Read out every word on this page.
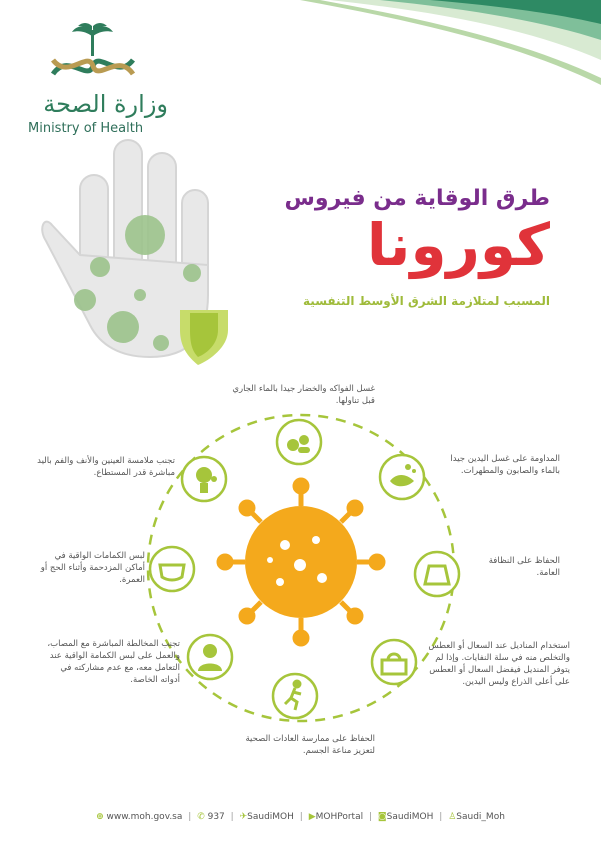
وزارة الصحة
Ministry of Health
طرق الوقاية من فيروس
كورونا
المسبب لمتلازمة الشرق الأوسط التنفسية
غسل الفواكه والخضار جيدا بالماء الجاري قبل تناولها.
المداومة على غسل اليدين جيدا بالماء والصابون والمطهرات.
الحفاظ على النظافة العامة.
استخدام المناديل عند السعال أو العطس والتخلص منه في سلة النفايات. وإذا لم يتوفر المنديل فيفضل السعال أو العطس على أعلى الذراع وليس اليدين.
الحفاظ على ممارسة العادات الصحية لتعزيز مناعة الجسم.
تجنب المخالطة المباشرة مع المصاب، والعمل على لبس الكمامة الواقية عند التعامل معه، مع عدم مشاركته في أدواته الخاصة.
لبس الكمامات الواقية في أماكن المزدحمة وأثناء الحج أو العمرة.
تجنب ملامسة العينين والأنف والفم باليد مباشرة قدر المستطاع.
⊕ www.moh.gov.sa | ✆ 937 | ✈SaudiMOH | ▶MOHPortal | ◙SaudiMOH | ♙Saudi_Moh
